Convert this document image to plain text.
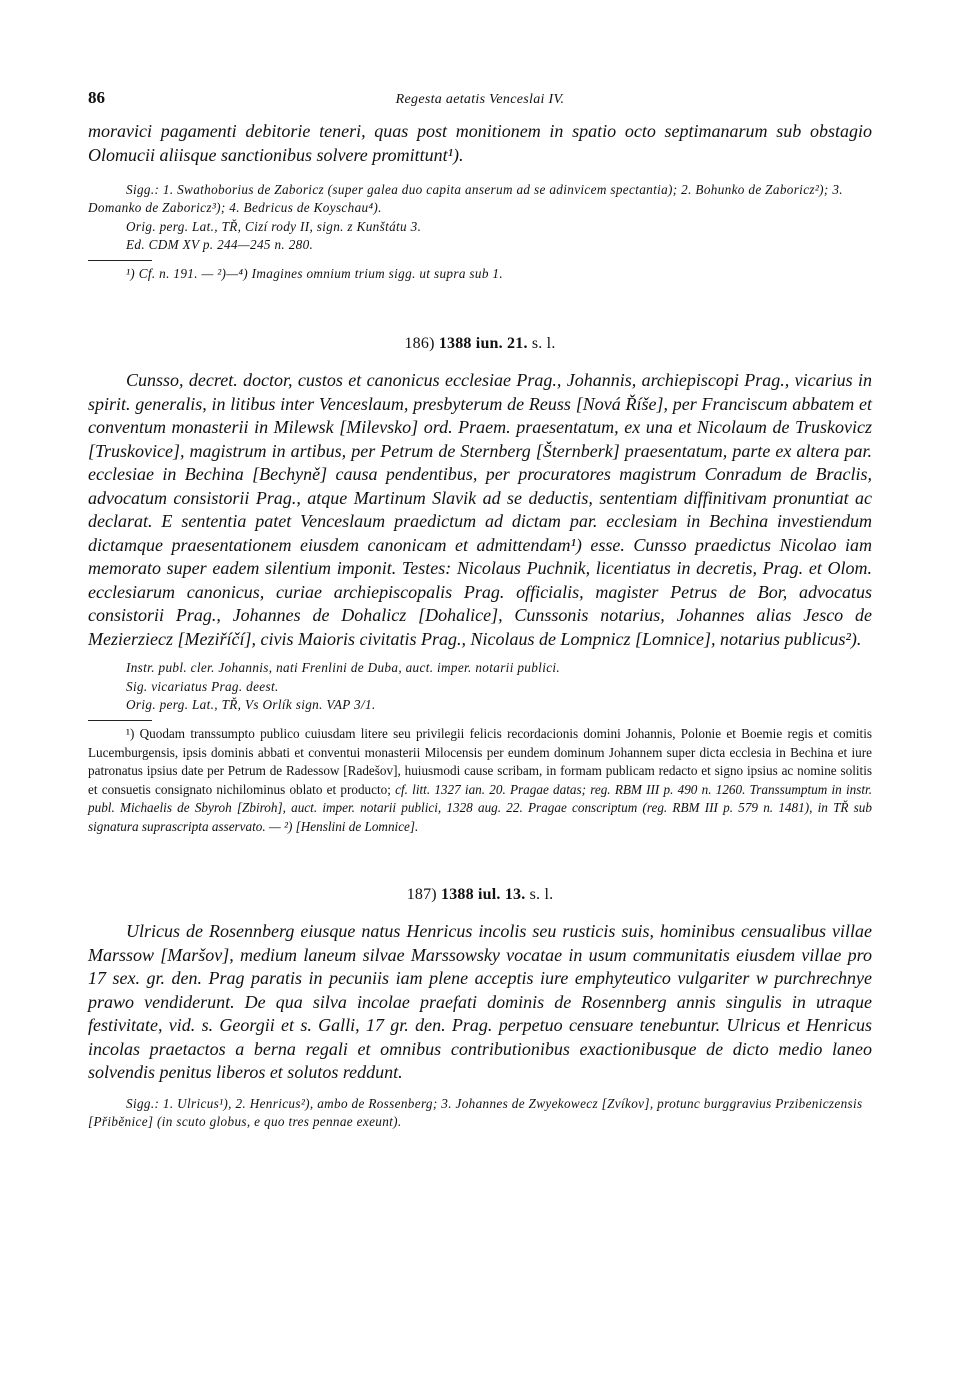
86	Regesta aetatis Venceslai IV.

moravici pagamenti debitorie teneri, quas post monitionem in spatio octo septimanarum sub obstagio Olomucii aliisque sanctionibus solvere promittunt¹).

Sigg.: 1. Swathoborius de Zaboricz (super galea duo capita anserum ad se adinvicem spectantia); 2. Bohunko de Zaboricz²); 3. Domanko de Zaboricz³); 4. Bedricus de Koyschau⁴).

Orig. perg. Lat., TŘ, Cizí rody II, sign. z Kunštátu 3.

Ed. CDM XV p. 244—245 n. 280.

¹) Cf. n. 191. — ²)—⁴) Imagines omnium trium sigg. ut supra sub 1.

186) 1388 iun. 21. s. l.

Cunsso, decret. doctor, custos et canonicus ecclesiae Prag., Johannis, archiepiscopi Prag., vicarius in spirit. generalis, in litibus inter Venceslaum, presbyterum de Reuss [Nová Říše], per Franciscum abbatem et conventum monasterii in Milewsk [Milevsko] ord. Praem. praesentatum, ex una et Nicolaum de Truskovicz [Truskovice], magistrum in artibus, per Petrum de Sternberg [Šternberk] praesentatum, parte ex altera par. ecclesiae in Bechina [Bechyně] causa pendentibus, per procuratores magistrum Conradum de Braclis, advocatum consistorii Prag., atque Martinum Slavik ad se deductis, sententiam diffinitivam pronuntiat ac declarat. E sententia patet Venceslaum praedictum ad dictam par. ecclesiam in Bechina investiendum dictamque praesentationem eiusdem canonicam et admittendam¹) esse. Cunsso praedictus Nicolao iam memorato super eadem silentium imponit. Testes: Nicolaus Puchnik, licentiatus in decretis, Prag. et Olom. ecclesiarum canonicus, curiae archiepiscopalis Prag. officialis, magister Petrus de Bor, advocatus consistorii Prag., Johannes de Dohalicz [Dohalice], Cunssonis notarius, Johannes alias Jesco de Mezierziecz [Meziříčí], civis Maioris civitatis Prag., Nicolaus de Lompnicz [Lomnice], notarius publicus²).

Instr. publ. cler. Johannis, nati Frenlini de Duba, auct. imper. notarii publici.

Sig. vicariatus Prag. deest.

Orig. perg. Lat., TŘ, Vs Orlík sign. VAP 3/1.

¹) Quodam transsumpto publico cuiusdam litere seu privilegii felicis recordacionis domini Johannis, Polonie et Boemie regis et comitis Lucemburgensis, ipsis dominis abbati et conventui monasterii Milocensis per eundem dominum Johannem super dicta ecclesia in Bechina et iure patronatus ipsius date per Petrum de Radessow [Radešov], huiusmodi cause scribam, in formam publicam redacto et signo ipsius ac nomine solitis et consuetis consignato nichilominus oblato et producto; cf. litt. 1327 ian. 20. Pragae datas; reg. RBM III p. 490 n. 1260. Transsumptum in instr. publ. Michaelis de Sbyroh [Zbiroh], auct. imper. notarii publici, 1328 aug. 22. Pragae conscriptum (reg. RBM III p. 579 n. 1481), in TŘ sub signatura suprascripta asservato. — ²) [Henslini de Lomnice].

187) 1388 iul. 13. s. l.

Ulricus de Rosennberg eiusque natus Henricus incolis seu rusticis suis, hominibus censualibus villae Marssow [Maršov], medium laneum silvae Marssowsky vocatae in usum communitatis eiusdem villae pro 17 sex. gr. den. Prag paratis in pecuniis iam plene acceptis iure emphyteutico vulgariter w purchrechnye prawo vendiderunt. De qua silva incolae praefati dominis de Rosennberg annis singulis in utraque festivitate, vid. s. Georgii et s. Galli, 17 gr. den. Prag. perpetuo censuare tenebuntur. Ulricus et Henricus incolas praetactos a berna regali et omnibus contributionibus exactionibusque de dicto medio laneo solvendis penitus liberos et solutos reddunt.

Sigg.: 1. Ulricus¹), 2. Henricus²), ambo de Rossenberg; 3. Johannes de Zwyekowecz [Zvíkov], protunc burggravius Przibeniczensis [Přiběnice] (in scuto globus, e quo tres pennae exeunt).
